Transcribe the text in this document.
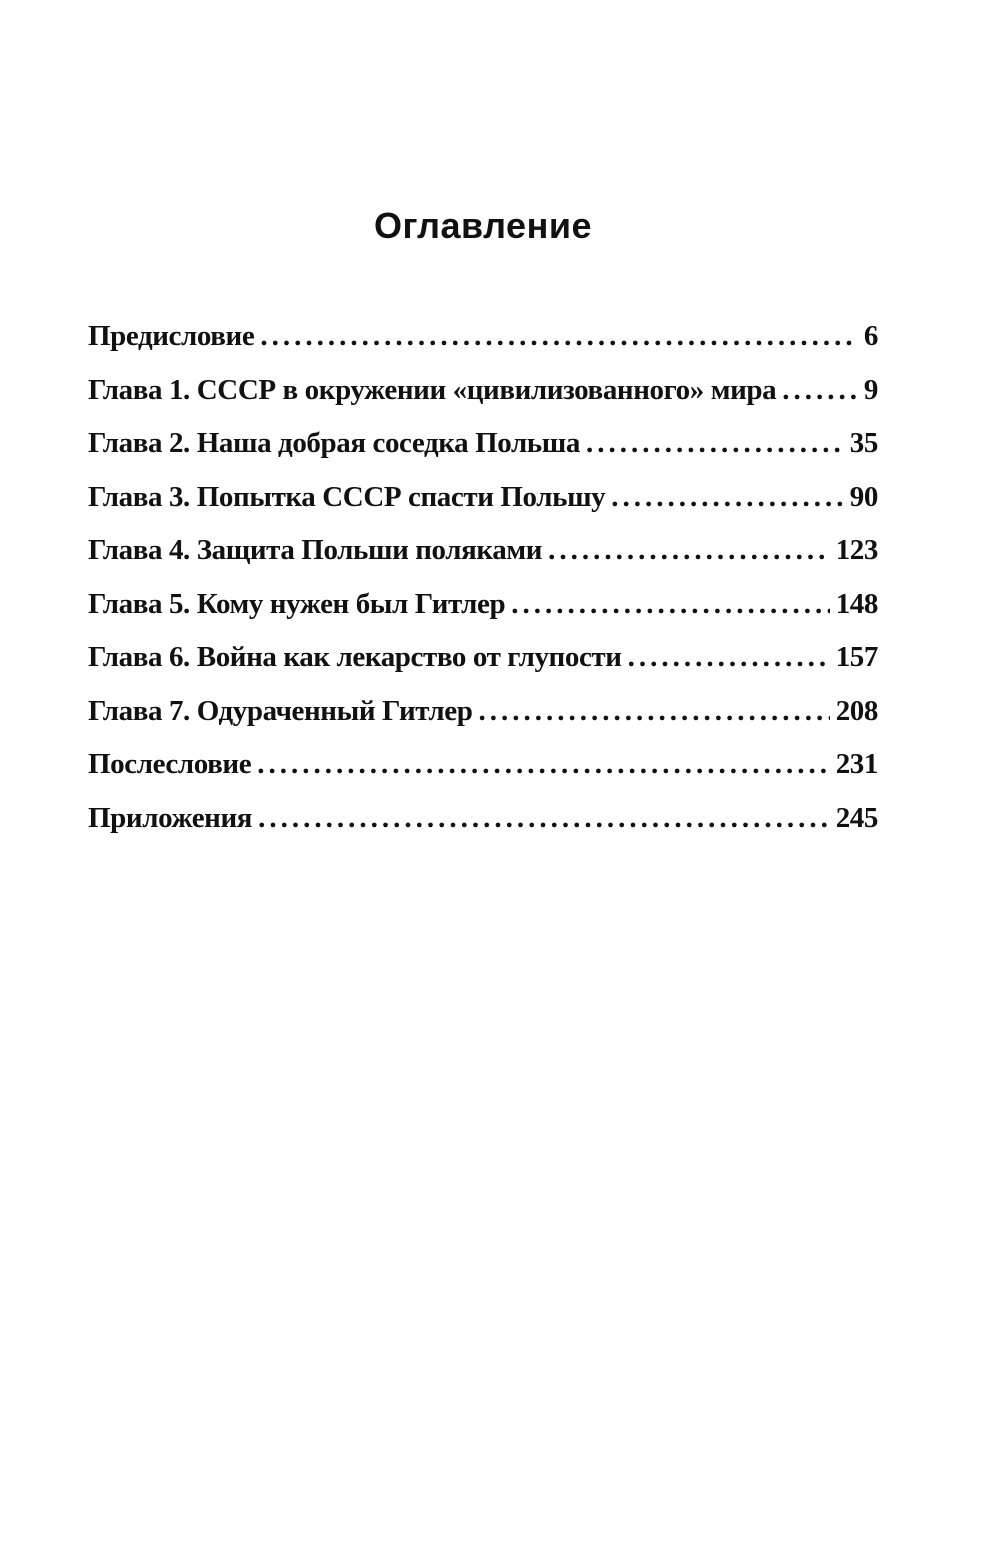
Оглавление
Предисловие .....	6
Глава 1. СССР в окружении «цивилизованного» мира .....	9
Глава 2. Наша добрая соседка Польша .....	35
Глава 3. Попытка СССР спасти Польшу .....	90
Глава 4. Защита Польши поляками .....	123
Глава 5. Кому нужен был Гитлер .....	148
Глава 6. Война как лекарство от глупости .....	157
Глава 7. Одураченный Гитлер .....	208
Послесловие .....	231
Приложения .....	245
